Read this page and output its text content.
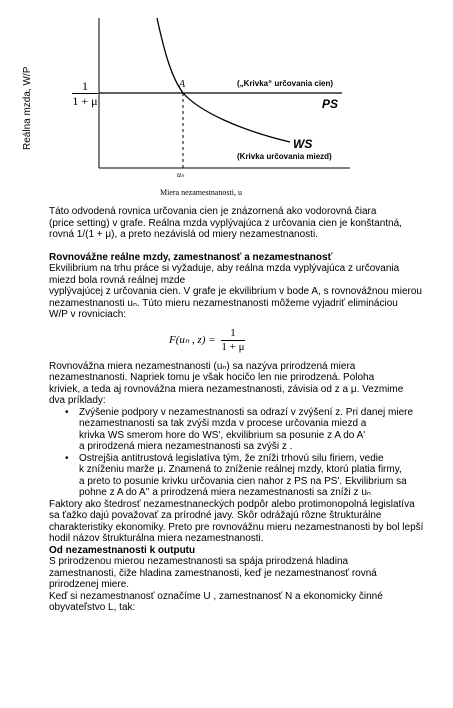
Reálna mzda, W/P	$\frac{1}{1 + \mu}$	A	(„Krivka“ určovania cien)
PS
WS
(Krivka určovania miezd)
uₙ
Miera nezamestnanosti, u

Táto odvodená rovnica určovania cien je znázornená ako vodorovná čiara

(price setting) v grafe. Reálna mzda vyplývajúca z určovania cien je konštantná,

rovná 1/(1 + μ), a preto nezávislá od miery nezamestnanosti.

Rovnovážne reálne mzdy, zamestnanosť a nezamestnanosť

Ekvilibrium na trhu práce si vyžaduje, aby reálna mzda vyplývajúca z určovania

miezd bola rovná reálnej mzde

vyplývajúcej z určovania cien. V grafe je ekvilibrium v bode A, s rovnovážnou mierou

nezamestnanosti uₙ. Túto mieru nezamestnanosti môžeme vyjadriť elimináciou

W/P v rovniciach:

F(uₙ , $z) = \frac{1}{1 + \mu}$

Rovnovážna miera nezamestnanosti (uₙ) sa nazýva prirodzená miera

nezamestnanosti. Napriek tomu je však hocičo len nie prirodzená. Poloha

kriviek, a teda aj rovnovážna miera nezamestnanosti, závisia od z a μ. Vezmime

dva príklady:

• Zvýšenie podpory v nezamestnanosti sa odrazí v zvýšení z. Pri danej miere
nezamestnanosti sa tak zvýši mzda v procese určovania miezd a
krivka WS smerom hore do WS', ekvilibrium sa posunie z A do A'
a prirodzená miera nezamestnanosti sa zvýši z .
• Ostrejšia antitrustová legislatíva tým, že zníži trhovú silu firiem, vedie
k zníženiu marže μ. Znamená to zníženie reálnej mzdy, ktorú platia firmy,
a preto to posunie krivku určovania cien nahor z PS na PS'. Ekvilibrium sa
pohne z A do A'' a prirodzená miera nezamestnanosti sa zníži z uₙ

Faktory ako štedrosť nezamestnaneckých podpôr alebo protimonopolná legislatíva

sa ťažko dajú považovať za prírodné javy. Skôr odrážajú rôzne štrukturálne

charakteristiky ekonomiky. Preto pre rovnovážnu mieru nezamestnanosti by bol lepší

hodil názov štrukturálna miera nezamestnanosti.

Od nezamestnanosti k outputu

S prirodzenou mierou nezamestnanosti sa spája prirodzená hladina

zamestnanosti, čiže hladina zamestnanosti, keď je nezamestnanosť rovná

prirodzenej miere.

Keď si nezamestnanosť označíme U , zamestnanosť N a ekonomicky činné

obyvateľstvo L, tak:
